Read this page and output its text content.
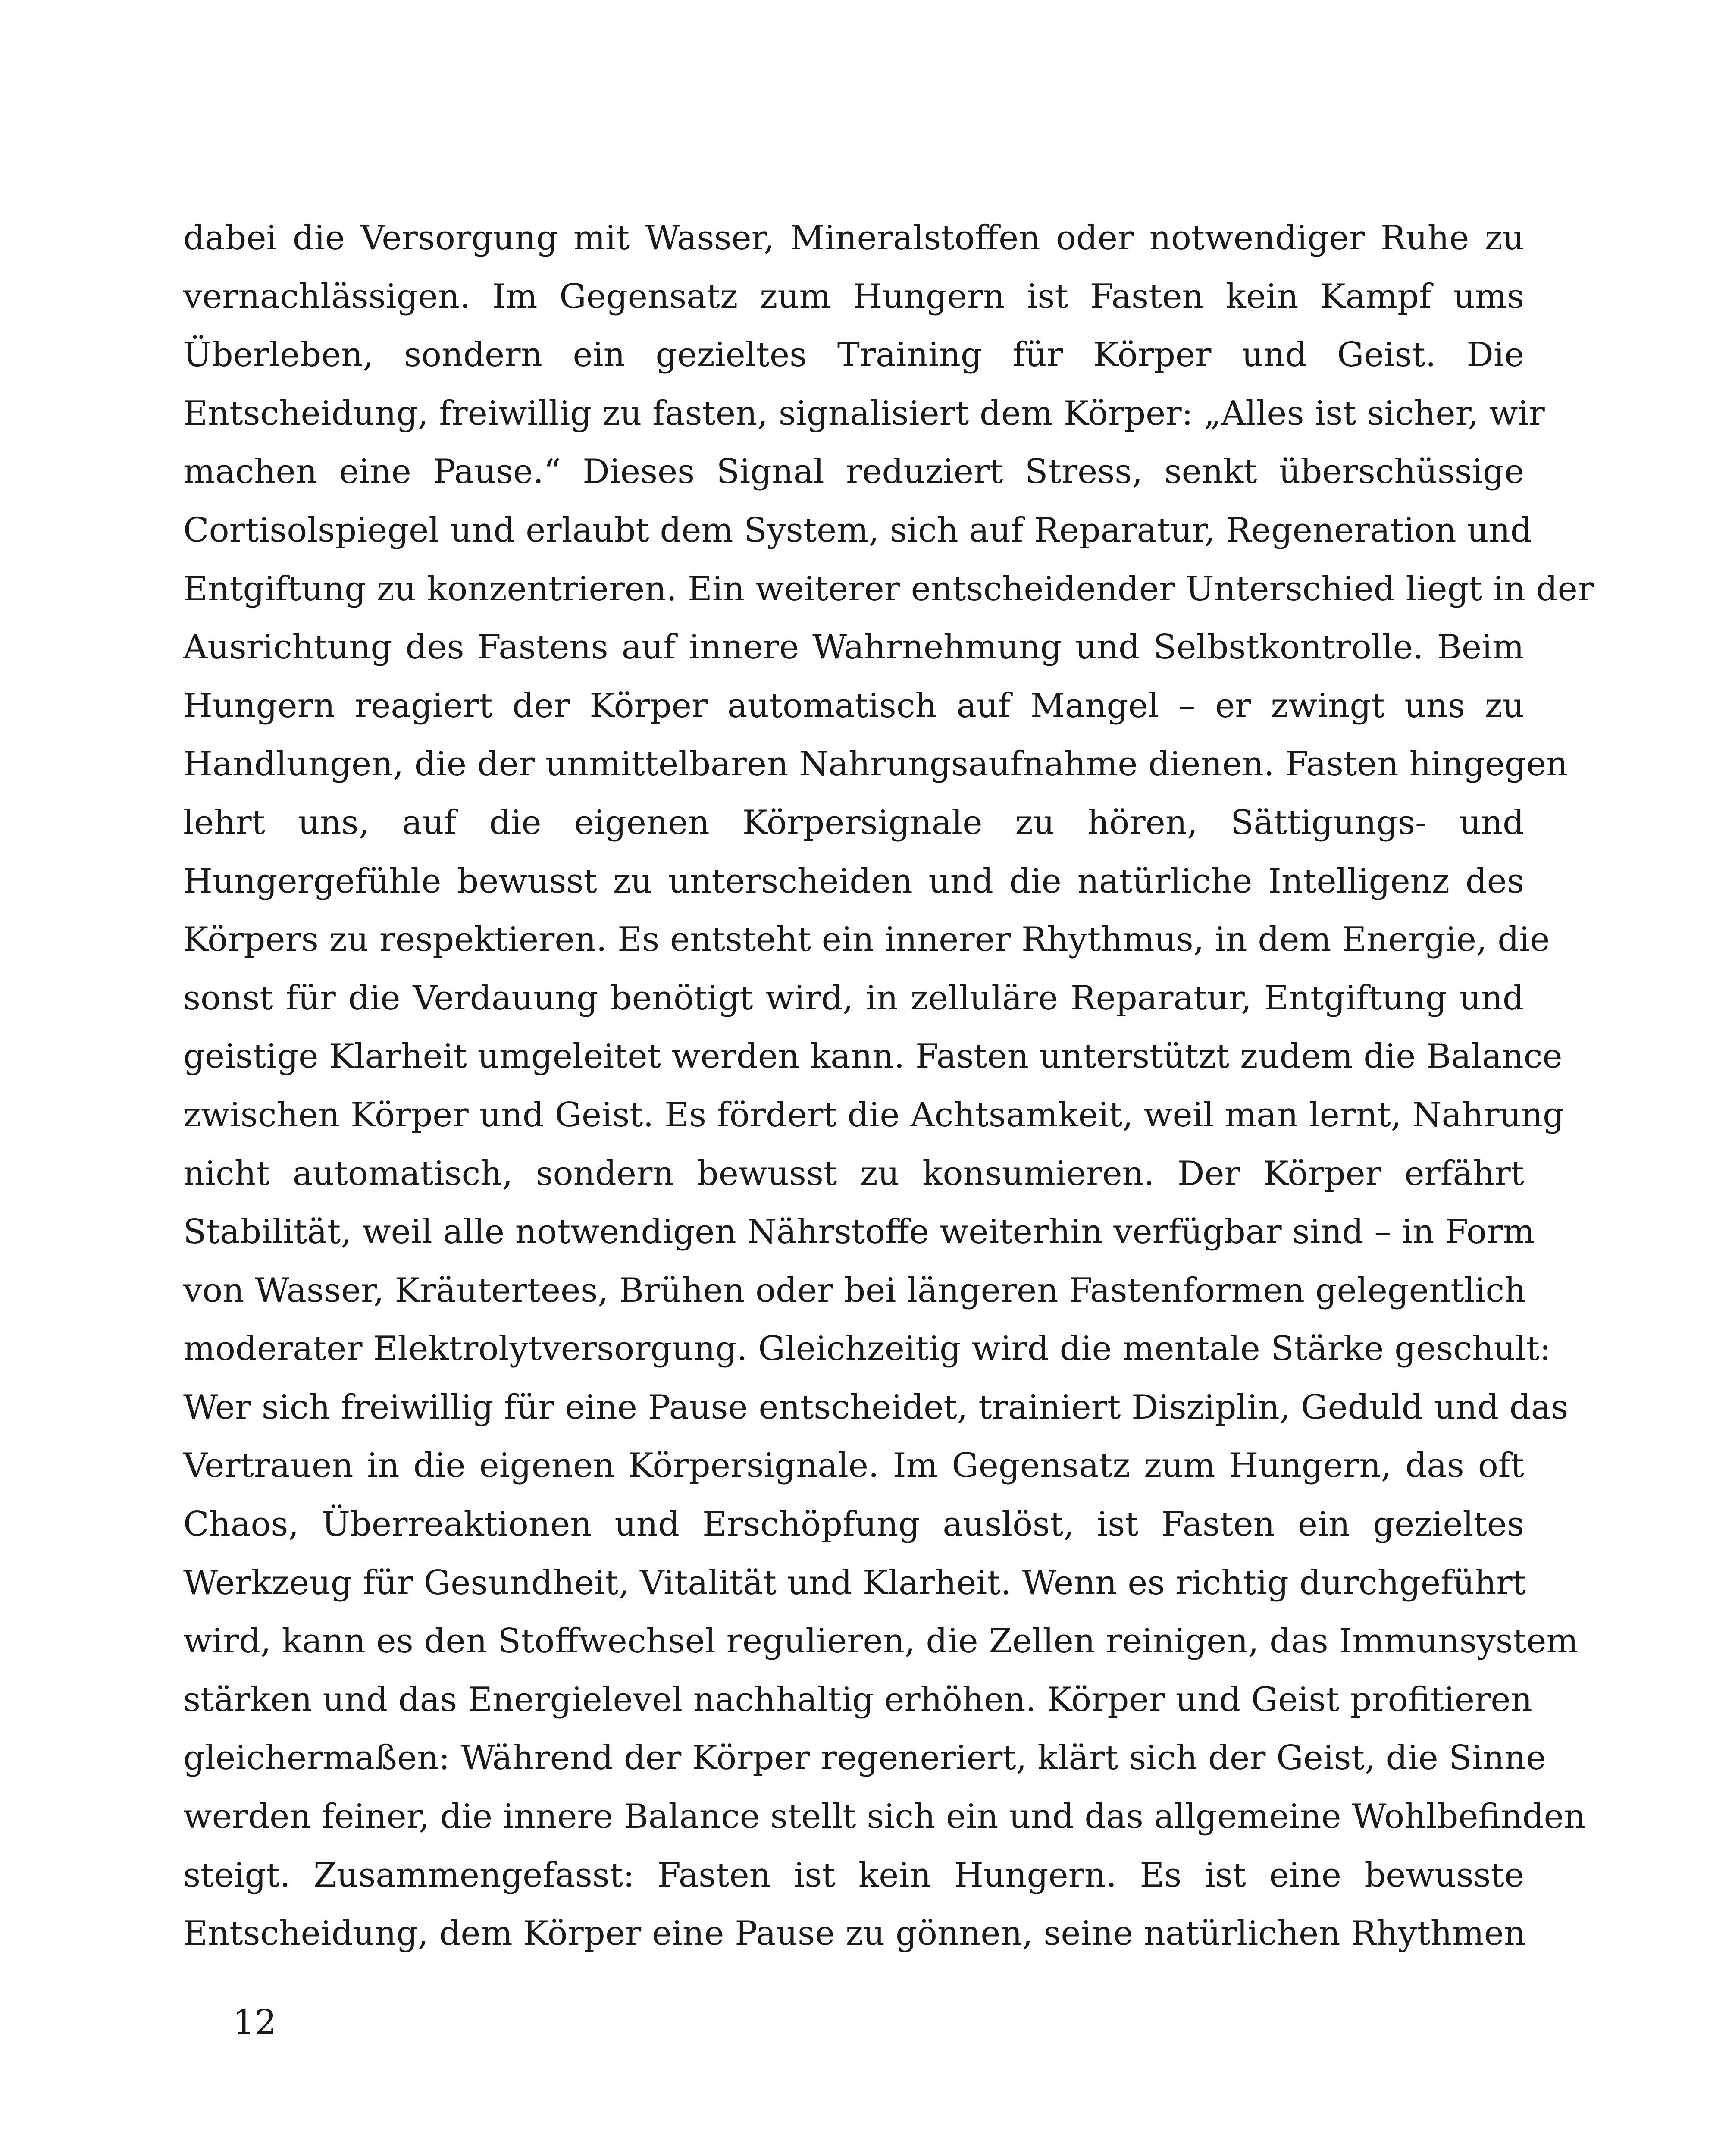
dabei die Versorgung mit Wasser, Mineralstoffen oder notwendiger Ruhe zu
vernachlässigen. Im Gegensatz zum Hungern ist Fasten kein Kampf ums
Überleben, sondern ein gezieltes Training für Körper und Geist. Die
Entscheidung, freiwillig zu fasten, signalisiert dem Körper: „Alles ist sicher, wir
machen eine Pause.“ Dieses Signal reduziert Stress, senkt überschüssige
Cortisolspiegel und erlaubt dem System, sich auf Reparatur, Regeneration und
Entgiftung zu konzentrieren. Ein weiterer entscheidender Unterschied liegt in der
Ausrichtung des Fastens auf innere Wahrnehmung und Selbstkontrolle. Beim
Hungern reagiert der Körper automatisch auf Mangel – er zwingt uns zu
Handlungen, die der unmittelbaren Nahrungsaufnahme dienen. Fasten hingegen
lehrt uns, auf die eigenen Körpersignale zu hören, Sättigungs- und
Hungergefühle bewusst zu unterscheiden und die natürliche Intelligenz des
Körpers zu respektieren. Es entsteht ein innerer Rhythmus, in dem Energie, die
sonst für die Verdauung benötigt wird, in zelluläre Reparatur, Entgiftung und
geistige Klarheit umgeleitet werden kann. Fasten unterstützt zudem die Balance
zwischen Körper und Geist. Es fördert die Achtsamkeit, weil man lernt, Nahrung
nicht automatisch, sondern bewusst zu konsumieren. Der Körper erfährt
Stabilität, weil alle notwendigen Nährstoffe weiterhin verfügbar sind – in Form
von Wasser, Kräutertees, Brühen oder bei längeren Fastenformen gelegentlich
moderater Elektrolytversorgung. Gleichzeitig wird die mentale Stärke geschult:
Wer sich freiwillig für eine Pause entscheidet, trainiert Disziplin, Geduld und das
Vertrauen in die eigenen Körpersignale. Im Gegensatz zum Hungern, das oft
Chaos, Überreaktionen und Erschöpfung auslöst, ist Fasten ein gezieltes
Werkzeug für Gesundheit, Vitalität und Klarheit. Wenn es richtig durchgeführt
wird, kann es den Stoffwechsel regulieren, die Zellen reinigen, das Immunsystem
stärken und das Energielevel nachhaltig erhöhen. Körper und Geist profitieren
gleichermaßen: Während der Körper regeneriert, klärt sich der Geist, die Sinne
werden feiner, die innere Balance stellt sich ein und das allgemeine Wohlbefinden
steigt. Zusammengefasst: Fasten ist kein Hungern. Es ist eine bewusste
Entscheidung, dem Körper eine Pause zu gönnen, seine natürlichen Rhythmen
12
